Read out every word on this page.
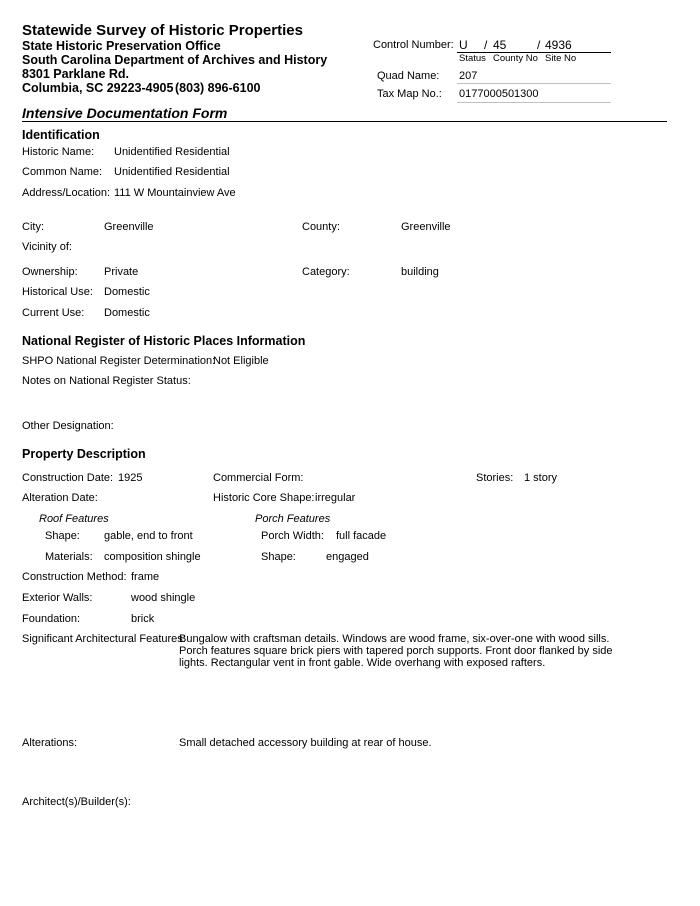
Statewide Survey of Historic Properties
State Historic Preservation Office
South Carolina Department of Archives and History
8301 Parklane Rd.
Columbia, SC 29223-4905 (803) 896-6100
Control Number: U / 45	/ 4936
Status County No Site No
Quad Name: 207
Tax Map No.: 0177000501300
Intensive Documentation Form
Identification
Historic Name: Unidentified Residential
Common Name: Unidentified Residential
Address/Location: 111 W Mountainview Ave
City:	Greenville	County:	Greenville
Vicinity of:
Ownership: Private	Category:	building
Historical Use: Domestic
Current Use: Domestic
National Register of Historic Places Information
SHPO National Register Determination:
Not Eligible
Notes on National Register Status:
Other Designation:
Property Description
Construction Date: 1925	Commercial Form:	Stories: 1 story
Alteration Date:	Historic Core Shape: irregular
Roof Features	Porch Features
Shape: gable, end to front	Porch Width: full facade
Materials: composition shingle	Shape:	engaged
Construction Method: frame
Exterior Walls:	wood shingle
Foundation:	brick
Significant Architectural Features:
Bungalow with craftsman details. Windows are wood frame, six-over-one with wood sills. Porch features square brick piers with tapered porch supports. Front door flanked by side lights. Rectangular vent in front gable. Wide overhang with exposed rafters.
Alterations:	Small detached accessory building at rear of house.
Architect(s)/Builder(s):
